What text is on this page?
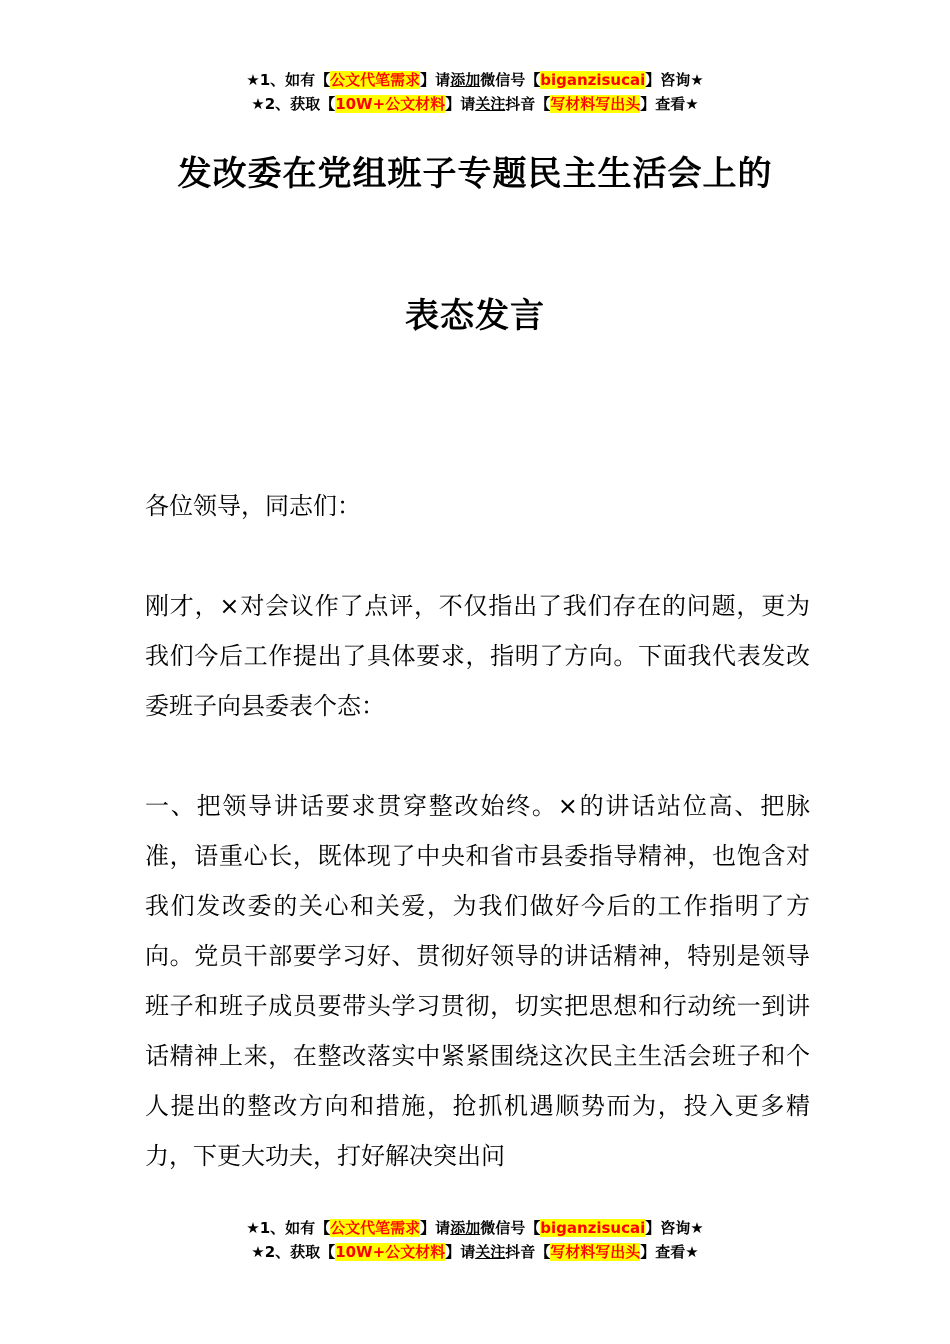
★1、如有【公文代笔需求】请添加微信号【biganzisucai】咨询★
★2、获取【10W+公文材料】请关注抖音【写材料写出头】查看★
发改委在党组班子专题民主生活会上的
表态发言

各位领导，同志们：

刚才，×对会议作了点评，不仅指出了我们存在的问题，更为我们今后工作提出了具体要求，指明了方向。下面我代表发改委班子向县委表个态：

一、把领导讲话要求贯穿整改始终。×的讲话站位高、把脉准，语重心长，既体现了中央和省市县委指导精神，也饱含对我们发改委的关心和关爱，为我们做好今后的工作指明了方向。党员干部要学习好、贯彻好领导的讲话精神，特别是领导班子和班子成员要带头学习贯彻，切实把思想和行动统一到讲话精神上来，在整改落实中紧紧围绕这次民主生活会班子和个人提出的整改方向和措施，抢抓机遇顺势而为，投入更多精力，下更大功夫，打好解决突出问

★1、如有【公文代笔需求】请添加微信号【biganzisucai】咨询★
★2、获取【10W+公文材料】请关注抖音【写材料写出头】查看★
